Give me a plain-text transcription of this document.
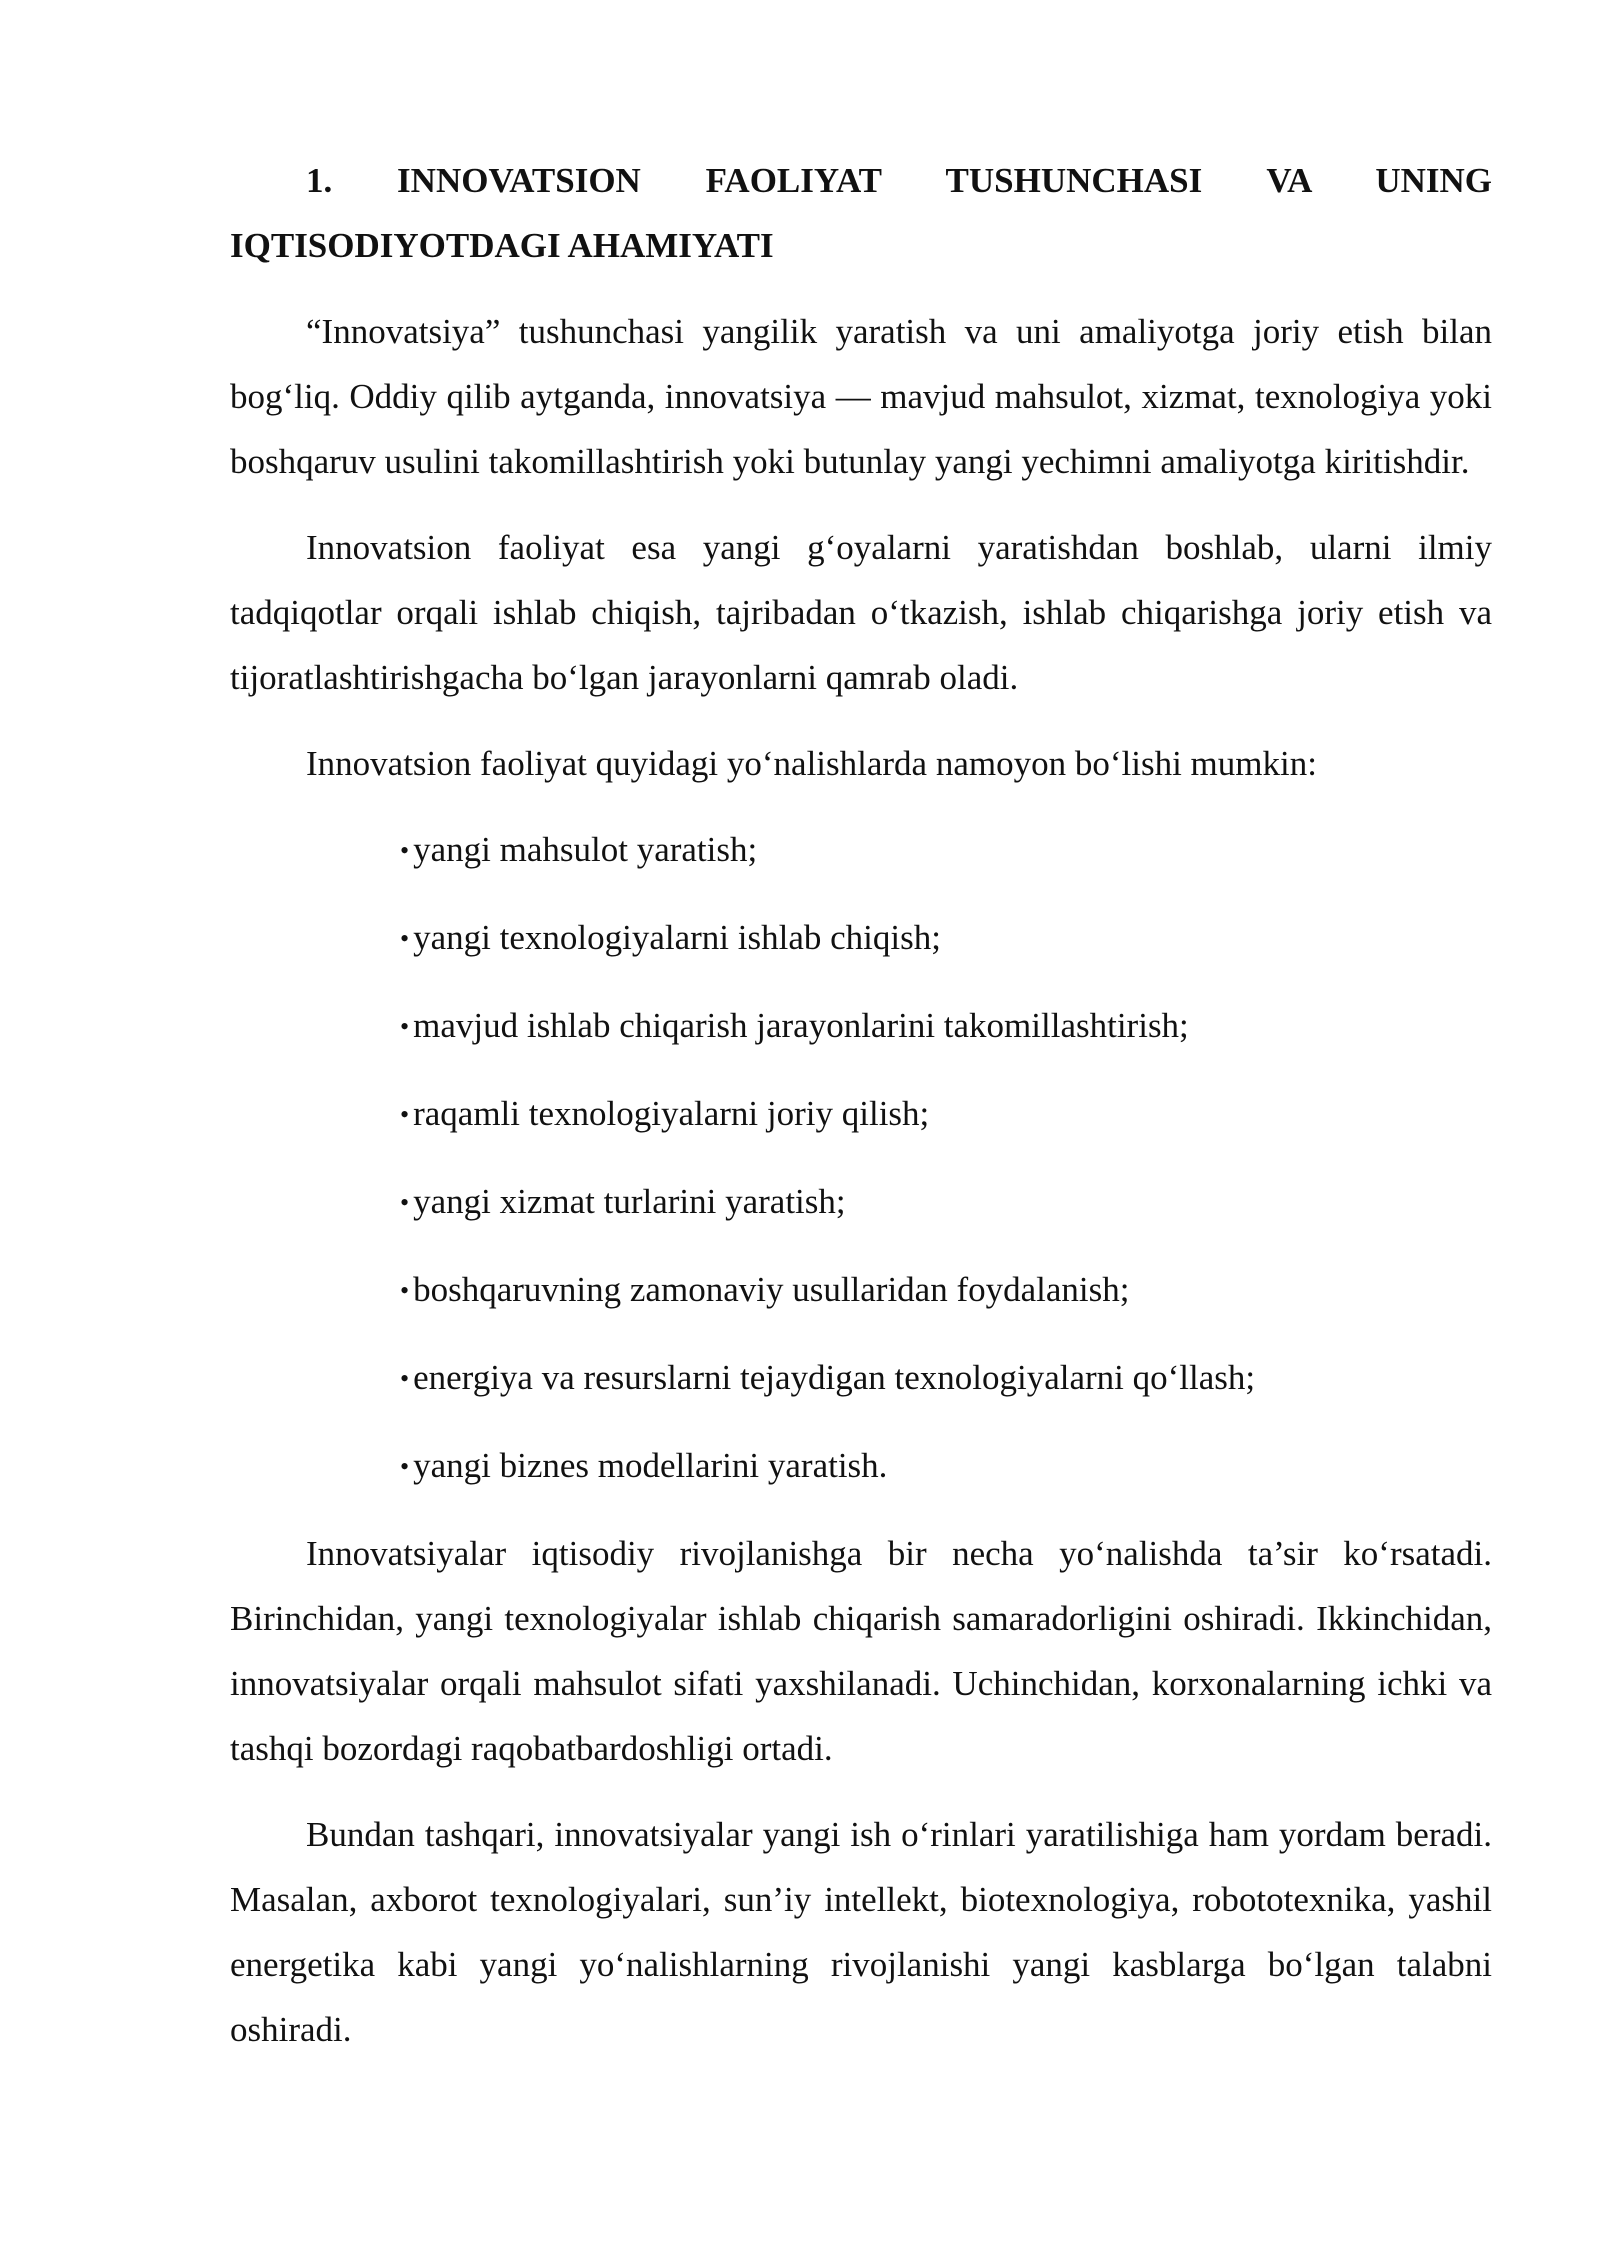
1. INNOVATSION FAOLIYAT TUSHUNCHASI VA UNING IQTISODIYOTDAGI AHAMIYATI

“Innovatsiya” tushunchasi yangilik yaratish va uni amaliyotga joriy etish bilan bog‘liq. Oddiy qilib aytganda, innovatsiya — mavjud mahsulot, xizmat, texnologiya yoki boshqaruv usulini takomillashtirish yoki butunlay yangi yechimni amaliyotga kiritishdir.

Innovatsion faoliyat esa yangi g‘oyalarni yaratishdan boshlab, ularni ilmiy tadqiqotlar orqali ishlab chiqish, tajribadan o‘tkazish, ishlab chiqarishga joriy etish va tijoratlashtirishgacha bo‘lgan jarayonlarni qamrab oladi.

Innovatsion faoliyat quyidagi yo‘nalishlarda namoyon bo‘lishi mumkin:

• yangi mahsulot yaratish;
• yangi texnologiyalarni ishlab chiqish;
• mavjud ishlab chiqarish jarayonlarini takomillashtirish;
• raqamli texnologiyalarni joriy qilish;
• yangi xizmat turlarini yaratish;
• boshqaruvning zamonaviy usullaridan foydalanish;
• energiya va resurslarni tejaydigan texnologiyalarni qo‘llash;
• yangi biznes modellarini yaratish.

Innovatsiyalar iqtisodiy rivojlanishga bir necha yo‘nalishda ta’sir ko‘rsatadi. Birinchidan, yangi texnologiyalar ishlab chiqarish samaradorligini oshiradi. Ikkinchidan, innovatsiyalar orqali mahsulot sifati yaxshilanadi. Uchinchidan, korxonalarning ichki va tashqi bozordagi raqobatbardoshligi ortadi.

Bundan tashqari, innovatsiyalar yangi ish o‘rinlari yaratilishiga ham yordam beradi. Masalan, axborot texnologiyalari, sun’iy intellekt, biotexnologiya, robototexnika, yashil energetika kabi yangi yo‘nalishlarning rivojlanishi yangi kasblarga bo‘lgan talabni oshiradi.
